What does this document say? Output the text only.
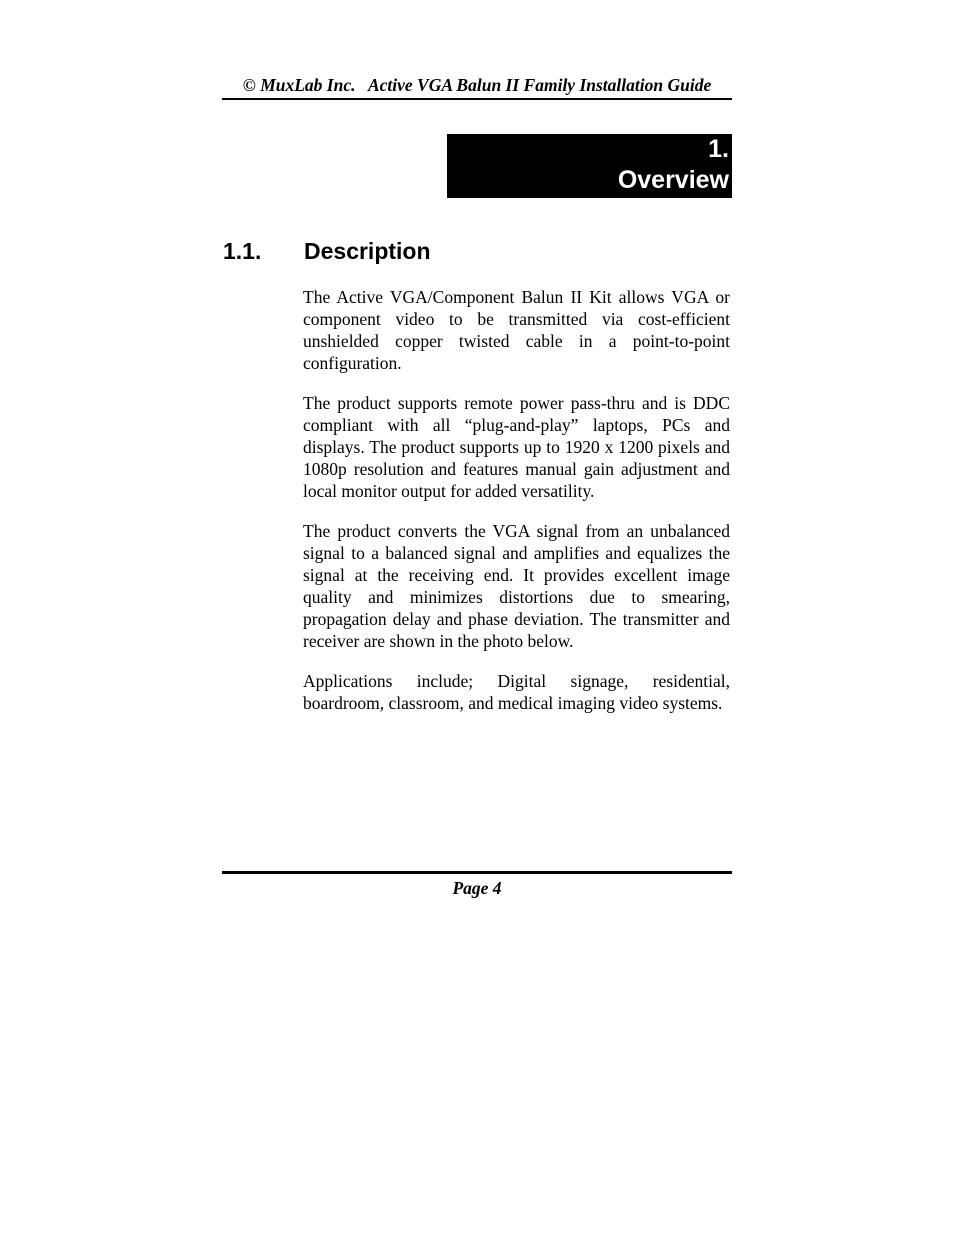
© MuxLab Inc.   Active VGA Balun II Family Installation Guide
1.
Overview
1.1. Description

The Active VGA/Component Balun II Kit allows VGA or component video to be transmitted via cost-efficient unshielded copper twisted cable in a point-to-point configuration.

The product supports remote power pass-thru and is DDC compliant with all “plug-and-play” laptops, PCs and displays. The product supports up to 1920 x 1200 pixels and 1080p resolution and features manual gain adjustment and local monitor output for added versatility.

The product converts the VGA signal from an unbalanced signal to a balanced signal and amplifies and equalizes the signal at the receiving end. It provides excellent image quality and minimizes distortions due to smearing, propagation delay and phase deviation. The transmitter and receiver are shown in the photo below.

Applications include; Digital signage, residential, boardroom, classroom, and medical imaging video systems.

Page 4
